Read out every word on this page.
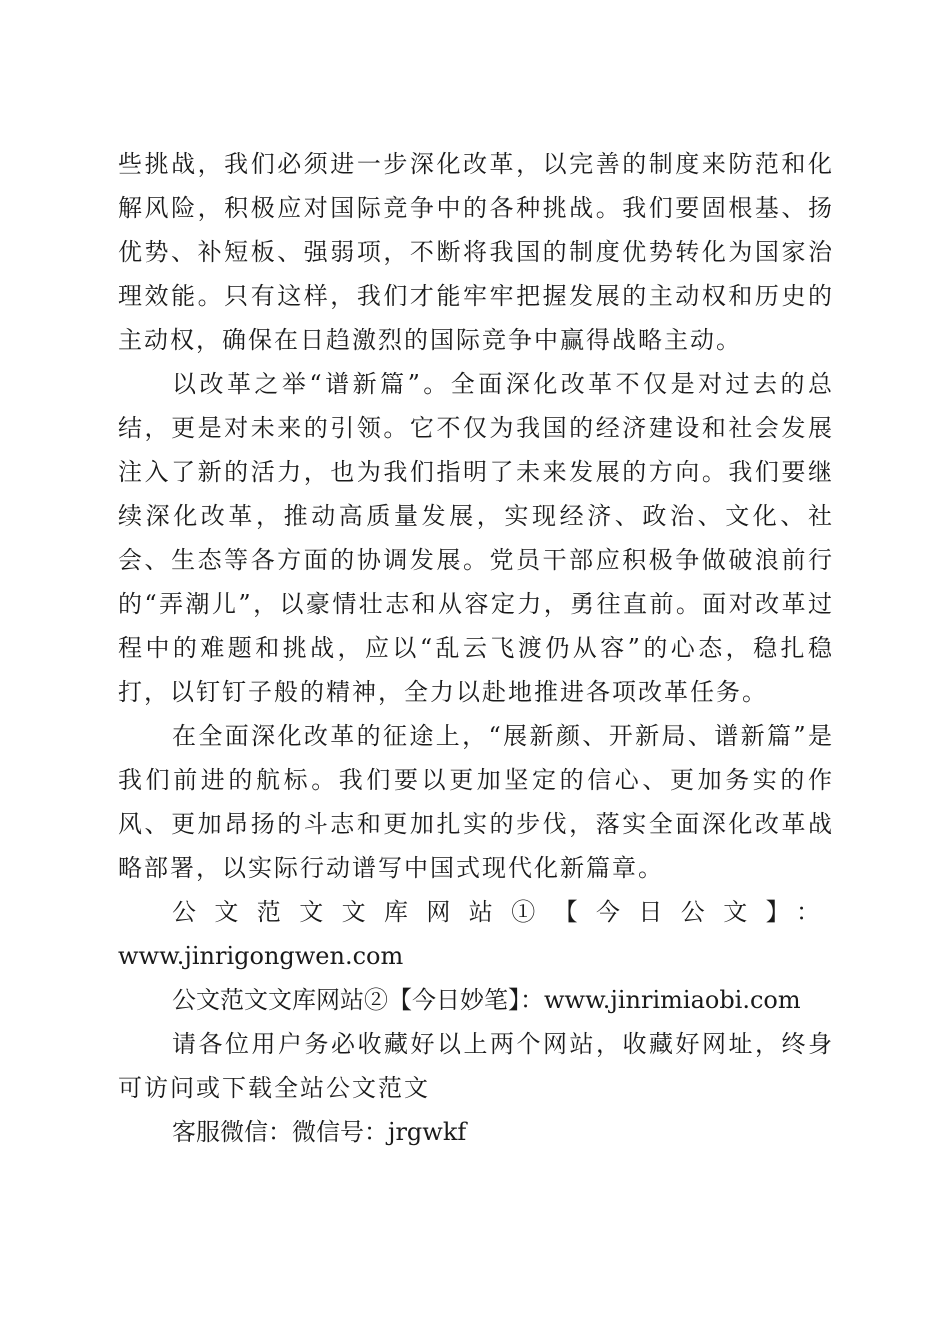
些挑战，我们必须进一步深化改革，以完善的制度来防范和化解风险，积极应对国际竞争中的各种挑战。我们要固根基、扬优势、补短板、强弱项，不断将我国的制度优势转化为国家治理效能。只有这样，我们才能牢牢把握发展的主动权和历史的主动权，确保在日趋激烈的国际竞争中赢得战略主动。

以改革之举“谱新篇”。全面深化改革不仅是对过去的总结，更是对未来的引领。它不仅为我国的经济建设和社会发展注入了新的活力，也为我们指明了未来发展的方向。我们要继续深化改革，推动高质量发展，实现经济、政治、文化、社会、生态等各方面的协调发展。党员干部应积极争做破浪前行的“弄潮儿”，以豪情壮志和从容定力，勇往直前。面对改革过程中的难题和挑战，应以“乱云飞渡仍从容”的心态，稳扎稳打，以钉钉子般的精神，全力以赴地推进各项改革任务。

在全面深化改革的征途上，“展新颜、开新局、谱新篇”是我们前进的航标。我们要以更加坚定的信心、更加务实的作风、更加昂扬的斗志和更加扎实的步伐，落实全面深化改革战略部署，以实际行动谱写中国式现代化新篇章。

公文范文文库网站①【今日公文】：

www.jinrigongwen.com

公文范文文库网站②【今日妙笔】：www.jinrimiaobi.com

请各位用户务必收藏好以上两个网站，收藏好网址，终身可访问或下载全站公文范文

客服微信：微信号：jrgwkf
